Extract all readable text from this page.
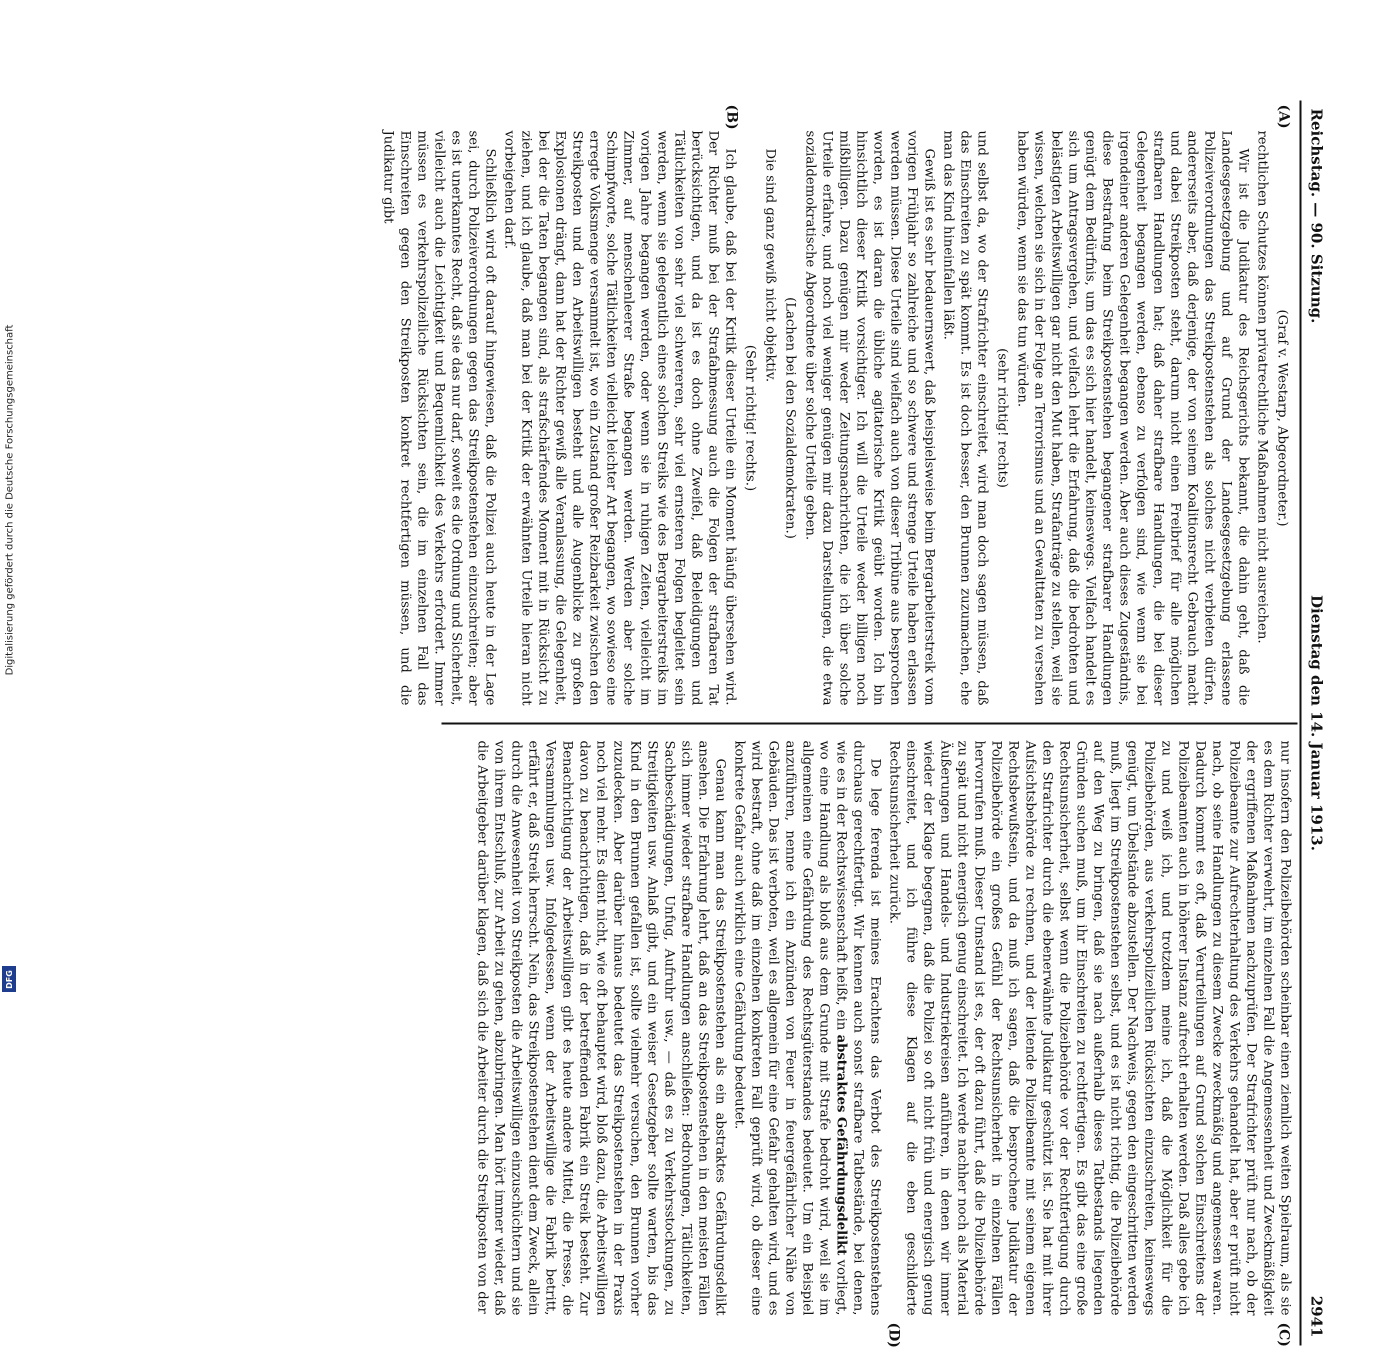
Digitalisierung gefördert durch die Deutsche Forschungsgemeinschaft
DFG
Reichstag. — 90. Sitzung.
Dienstag den 14. Januar 1913.
2941
(A)
(B)
(C)
(D)

(Graf v. Westarp, Abgeordneter.)

rechtlichen Schutzes können privatrechtliche Maßnahmen nicht ausreichen.

Wir ist die Judikatur des Reichsgerichts bekannt, die dahin geht, daß die Landesgesetzgebung und auf Grund der Landesgesetzgebung erlassene Polizeiverordnungen das Streikpostenstehen als solches nicht verbieten dürfen, andererseits aber, daß derjenige, der von seinem Koalitionsrecht Gebrauch macht und dabei Streikposten steht, darum nicht einen Freibrief für alle möglichen strafbaren Handlungen hat; daß daher strafbare Handlungen, die bei dieser Gelegenheit begangen werden, ebenso zu verfolgen sind, wie wenn sie bei irgendeiner anderen Gelegenheit begangen werden. Aber auch dieses Zugeständnis, diese Bestrafung beim Streikpostenstehen begangener strafbarer Handlungen genügt dem Bedürfnis, um das es sich hier handelt, keineswegs. Vielfach handelt es sich um Antragsvergehen, und vielfach lehrt die Erfahrung, daß die bedrohten und belästigten Arbeitswilligen gar nicht den Mut haben, Strafanträge zu stellen, weil sie wissen, welchen sie sich in der Folge an Terrorismus und an Gewalttaten zu versehen haben würden, wenn sie das tun würden.

(sehr richtig! rechts)

und selbst da, wo der Strafrichter einschreitet, wird man doch sagen müssen, daß das Einschreiten zu spät kommt. Es ist doch besser, den Brunnen zuzumachen, ehe man das Kind hineinfallen läßt.

Gewiß ist es sehr bedauernswert, daß beispielsweise beim Bergarbeiterstreik vom vorigen Frühjahr so zahlreiche und so schwere und strenge Urteile haben erlassen werden müssen. Diese Urteile sind vielfach auch von dieser Tribüne aus besprochen worden, es ist daran die übliche agitatorische Kritik geübt worden. Ich bin hinsichtlich dieser Kritik vorsichtiger. Ich will die Urteile weder billigen noch mißbilligen. Dazu genügen mir weder Zeitungsnachrichten, die ich über solche Urteile erfahre, und noch viel weniger genügen mir dazu Darstellungen, die etwa sozialdemokratische Abgeordnete über solche Urteile geben.

(Lachen bei den Sozialdemokraten.)

Die sind ganz gewiß nicht objektiv.

(Sehr richtig! rechts.)

Ich glaube, daß bei der Kritik dieser Urteile ein Moment häufig übersehen wird. Der Richter muß bei der Strafabmessung auch die Folgen der strafbaren Tat berücksichtigen, und da ist es doch ohne Zweifel, daß Beleidigungen und Tätlichkeiten von sehr viel schwereren, sehr viel ernsteren Folgen begleitet sein werden, wenn sie gelegentlich eines solchen Streiks wie des Bergarbeiterstreiks im vorigen Jahre begangen werden, oder wenn sie in ruhigen Zeiten, vielleicht im Zimmer, auf menschenleerer Straße begangen werden. Werden aber solche Schimpfworte, solche Tätlichkeiten vielleicht leichter Art begangen, wo sowieso eine erregte Volksmenge versammelt ist, wo ein Zustand großer Reizbarkeit zwischen den Streikposten und den Arbeitswilligen besteht und alle Augenblicke zu großen Explosionen drängt, dann hat der Richter gewiß alle Veranlassung, die Gelegenheit, bei der die Taten begangen sind, als strafschärfendes Moment mit in Rücksicht zu ziehen, und ich glaube, daß man bei der Kritik der erwähnten Urteile hieran nicht vorbeigehen darf.

Schließlich wird oft darauf hingewiesen, daß die Polizei auch heute in der Lage sei, durch Polizeiverordnungen gegen das Streikpostenstehen einzuschreiten; aber es ist unerkanntes Recht, daß sie das nur darf, soweit es die Ordnung und Sicherheit, vielleicht auch die Leichtigkeit und Bequemlichkeit des Verkehrs erfordert. Immer müssen es verkehrspolizeiliche Rücksichten sein, die im einzelnen Fall das Einschreiten gegen den Streikposten konkret rechtfertigen müssen, und die Judikatur gibt

nur insofern den Polizeibehörden scheinbar einen ziemlich weiten Spielraum, als sie es dem Richter verwehrt, im einzelnen Fall die Angemessenheit und Zweckmäßigkeit der ergriffenen Maßnahmen nachzuprüfen. Der Strafrichter prüft nur nach, ob der Polizeibeamte zur Aufrechterhaltung des Verkehrs gehandelt hat, aber er prüft nicht nach, ob seine Handlungen zu diesem Zwecke zweckmäßig und angemessen waren. Dadurch kommt es oft, daß Verurteilungen auf Grund solchen Einschreitens der Polizeibeamten auch in höherer Instanz aufrecht erhalten werden. Daß alles gebe ich zu und weiß ich, und trotzdem meine ich, daß die Möglichkeit für die Polizeibehörden, aus verkehrspolizeilichen Rücksichten einzuschreiten, keineswegs genügt, um Übelstände abzustellen. Der Nachweis, gegen den eingeschritten werden muß, liegt im Streikpostenstehen selbst, und es ist nicht richtig, die Polizeibehörde auf den Weg zu bringen, daß sie nach außerhalb dieses Tatbestands liegenden Gründen suchen muß, um ihr Einschreiten zu rechtfertigen. Es gibt das eine große Rechtsunsicherheit, selbst wenn die Polizeibehörde vor der Rechtfertigung durch den Strafrichter durch die ebenerwähnte Judikatur geschützt ist. Sie hat mit ihrer Aufsichtsbehörde zu rechnen, und der leitende Polizeibeamte mit seinem eigenen Rechtsbewußtsein, und da muß ich sagen, daß die besprochene Judikatur der Polizeibehörde ein großes Gefühl der Rechtsunsicherheit in einzelnen Fällen hervorrufen muß. Dieser Umstand ist es, der oft dazu führt, daß die Polizeibehörde zu spät und nicht energisch genug einschreitet. Ich werde nachher noch als Material Äußerungen und Handels- und Industriekreisen anführen, in denen wir immer wieder der Klage begegnen, daß die Polizei so oft nicht früh und energisch genug einschreitet, und ich führe diese Klagen auf die eben geschilderte Rechtsunsicherheit zurück.

De lege ferenda ist meines Erachtens das Verbot des Streikpostenstehens durchaus gerechtfertigt. Wir kennen auch sonst strafbare Tatbestände, bei denen, wie es in der Rechtswissenschaft heißt, ein abstraktes Gefährdungsdelikt vorliegt, wo eine Handlung als bloß aus dem Grunde mit Strafe bedroht wird, weil sie im allgemeinen eine Gefährdung des Rechtsgüterstandes bedeutet. Um ein Beispiel anzuführen, nenne ich ein Anzünden von Feuer in feuergefährlicher Nähe von Gebäuden. Das ist verboten, weil es allgemein für eine Gefahr gehalten wird, und es wird bestraft, ohne daß im einzelnen konkreten Fall geprüft wird, ob dieser eine konkrete Gefahr auch wirklich eine Gefährdung bedeutet.

Genau kann man das Streikpostenstehen als ein abstraktes Gefährdungsdelikt ansehen. Die Erfahrung lehrt, daß an das Streikpostenstehen in den meisten Fällen sich immer wieder strafbare Handlungen anschließen: Bedrohungen, Tätlichkeiten, Sachbeschädigungen, Unfug, Aufruhr usw., — daß es zu Verkehrsstockungen, zu Streitigkeiten usw. Anlaß gibt, und ein weiser Gesetzgeber sollte warten, bis das Kind in den Brunnen gefallen ist, sollte vielmehr versuchen, den Brunnen vorher zuzudecken. Aber darüber hinaus bedeutet das Streikpostenstehen in der Praxis noch viel mehr. Es dient nicht, wie oft behauptet wird, bloß dazu, die Arbeitswilligen davon zu benachrichtigen, daß in der betreffenden Fabrik ein Streik besteht. Zur Benachrichtigung der Arbeitswilligen gibt es heute andere Mittel, die Presse, die Versammlungen usw. Infolgedessen, wenn der Arbeitswillige die Fabrik betritt, erfährt er, daß Streik herrscht. Nein, das Streikpostenstehen dient dem Zweck, allein durch die Anwesenheit von Streikposten die Arbeitswilligen einzuschüchtern und sie von ihrem Entschluß, zur Arbeit zu gehen, abzubringen. Man hört immer wieder, daß die Arbeitgeber darüber klagen, daß sich die Arbeiter durch die Streikposten von der
